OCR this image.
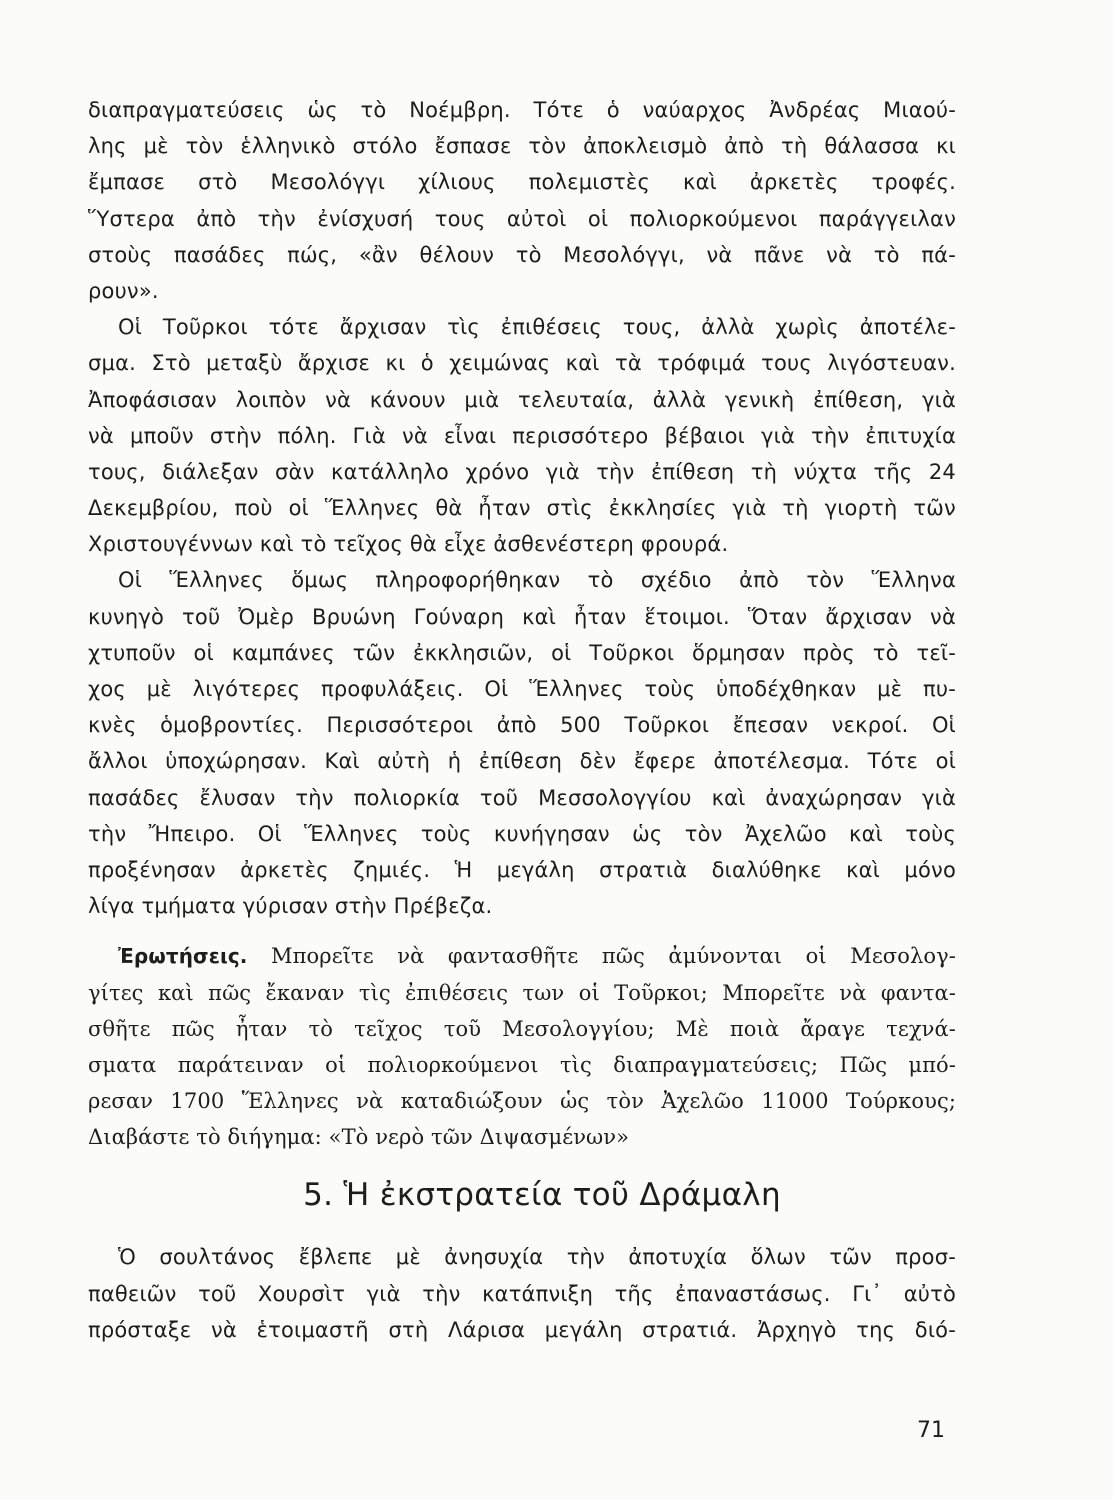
διαπραγματεύσεις ὡς τὸ Νοέμβρη. Τότε ὁ ναύαρχος Ἀνδρέας Μιαού-
λης μὲ τὸν ἑλληνικὸ στόλο ἔσπασε τὸν ἀποκλεισμὸ ἀπὸ τὴ θάλασσα κι
ἔμπασε στὸ Μεσολόγγι χίλιους πολεμιστὲς καὶ ἀρκετὲς τροφές.
Ὕστερα ἀπὸ τὴν ἐνίσχυσή τους αὐτοὶ οἱ πολιορκούμενοι παράγγειλαν
στοὺς πασάδες πώς, «ἂν θέλουν τὸ Μεσολόγγι, νὰ πᾶνε νὰ τὸ πά-
ρουν».
Οἱ Τοῦρκοι τότε ἄρχισαν τὶς ἐπιθέσεις τους, ἀλλὰ χωρὶς ἀποτέλε-
σμα. Στὸ μεταξὺ ἄρχισε κι ὁ χειμώνας καὶ τὰ τρόφιμά τους λιγόστευαν.
Ἀποφάσισαν λοιπὸν νὰ κάνουν μιὰ τελευταία, ἀλλὰ γενικὴ ἐπίθεση, γιὰ
νὰ μποῦν στὴν πόλη. Γιὰ νὰ εἶναι περισσότερο βέβαιοι γιὰ τὴν ἐπιτυχία
τους, διάλεξαν σὰν κατάλληλο χρόνο γιὰ τὴν ἐπίθεση τὴ νύχτα τῆς 24
Δεκεμβρίου, ποὺ οἱ Ἕλληνες θὰ ἦταν στὶς ἐκκλησίες γιὰ τὴ γιορτὴ τῶν
Χριστουγέννων καὶ τὸ τεῖχος θὰ εἶχε ἀσθενέστερη φρουρά.
Οἱ Ἕλληνες ὅμως πληροφορήθηκαν τὸ σχέδιο ἀπὸ τὸν Ἕλληνα
κυνηγὸ τοῦ Ὀμὲρ Βρυώνη Γούναρη καὶ ἦταν ἕτοιμοι. Ὅταν ἄρχισαν νὰ
χτυποῦν οἱ καμπάνες τῶν ἐκκλησιῶν, οἱ Τοῦρκοι ὅρμησαν πρὸς τὸ τεῖ-
χος μὲ λιγότερες προφυλάξεις. Οἱ Ἕλληνες τοὺς ὑποδέχθηκαν μὲ πυ-
κνὲς ὁμοβροντίες. Περισσότεροι ἀπὸ 500 Τοῦρκοι ἔπεσαν νεκροί. Οἱ
ἄλλοι ὑποχώρησαν. Καὶ αὐτὴ ἡ ἐπίθεση δὲν ἔφερε ἀποτέλεσμα. Τότε οἱ
πασάδες ἔλυσαν τὴν πολιορκία τοῦ Μεσσολογγίου καὶ ἀναχώρησαν γιὰ
τὴν Ἤπειρο. Οἱ Ἕλληνες τοὺς κυνήγησαν ὡς τὸν Ἀχελῶο καὶ τοὺς
προξένησαν ἀρκετὲς ζημιές. Ἡ μεγάλη στρατιὰ διαλύθηκε καὶ μόνο
λίγα τμήματα γύρισαν στὴν Πρέβεζα.
Ἐρωτήσεις. Μπορεῖτε νὰ φαντασθῆτε πῶς ἀμύνονται οἱ Μεσολογ-
γίτες καὶ πῶς ἔκαναν τὶς ἐπιθέσεις των οἱ Τοῦρκοι; Μπορεῖτε νὰ φαντα-
σθῆτε πῶς ἦταν τὸ τεῖχος τοῦ Μεσολογγίου; Μὲ ποιὰ ἄραγε τεχνά-
σματα παράτειναν οἱ πολιορκούμενοι τὶς διαπραγματεύσεις; Πῶς μπό-
ρεσαν 1700 Ἕλληνες νὰ καταδιώξουν ὡς τὸν Ἀχελῶο 11000 Τούρκους;
Διαβάστε τὸ διήγημα: «Τὸ νερὸ τῶν Διψασμένων»
5. Ἡ ἐκστρατεία τοῦ Δράμαλη
Ὁ σουλτάνος ἔβλεπε μὲ ἀνησυχία τὴν ἀποτυχία ὅλων τῶν προσ-
παθειῶν τοῦ Χουρσὶτ γιὰ τὴν κατάπνιξη τῆς ἐπαναστάσως. Γι᾽ αὐτὸ
πρόσταξε νὰ ἑτοιμαστῆ στὴ Λάρισα μεγάλη στρατιά. Ἀρχηγὸ της διό-
71
